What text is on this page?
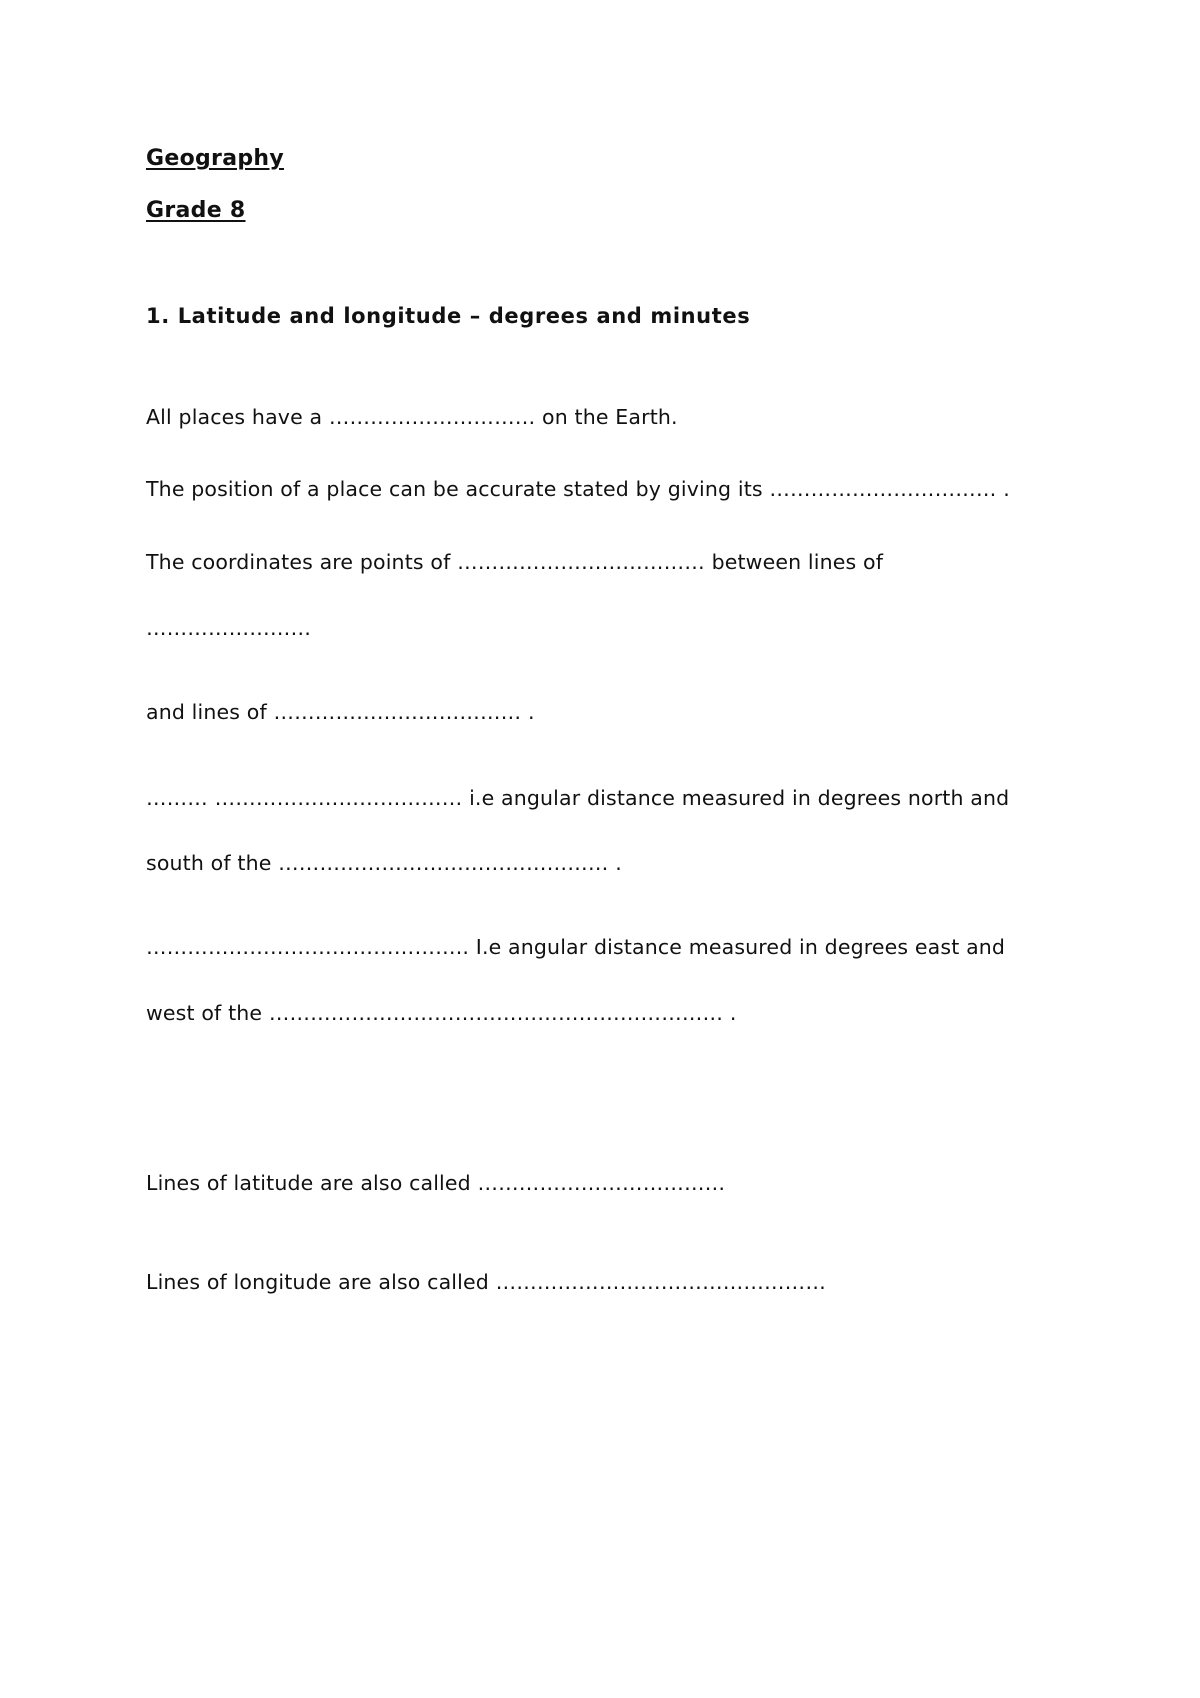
Geography
Grade 8
1. Latitude and longitude – degrees and minutes
All places have a ………………………… on the Earth.
The position of a place can be accurate stated by giving its …………………………… .
The coordinates are points of ……………………………… between lines of
……………………
and lines of ……………………………… .
……… ……………………………… i.e angular distance measured in degrees north and
south of the ………………………………………… .
……………………………………….. I.e angular distance measured in degrees east and
west of the ………………………………………………………… .
Lines of latitude are also called ………………………………
Lines of longitude are also called …………………………………………
